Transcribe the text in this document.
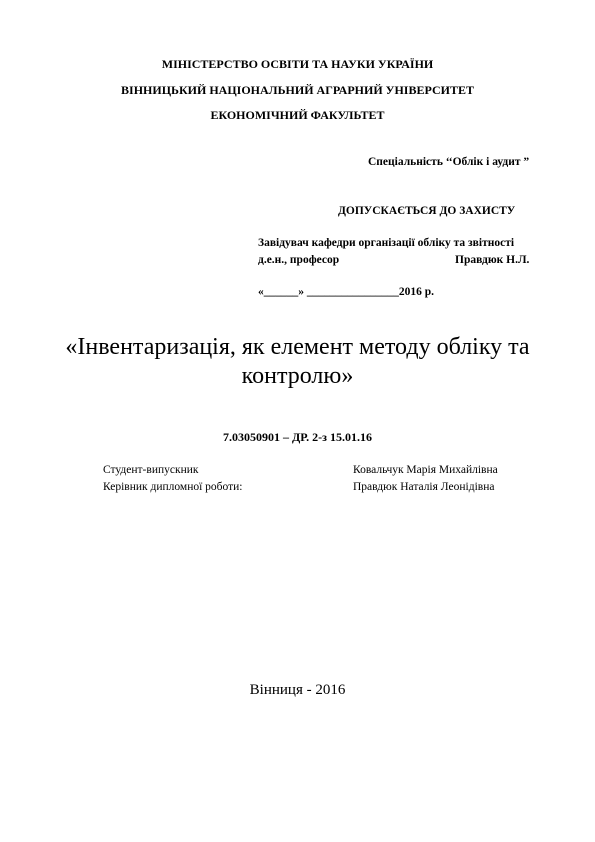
МІНІСТЕРСТВО ОСВІТИ ТА НАУКИ УКРАЇНИ
ВІННИЦЬКИЙ НАЦІОНАЛЬНИЙ АГРАРНИЙ УНІВЕРСИТЕТ
ЕКОНОМІЧНИЙ ФАКУЛЬТЕТ
Спеціальність ‘‘Облік і аудит ”
ДОПУСКАЄТЬСЯ ДО ЗАХИСТУ
Завідувач кафедри організації обліку та звітності
д.е.н., професор	Правдюк Н.Л.
«______» ________________2016 р.
«Інвентаризація, як елемент методу обліку та
контролю»
7.03050901 – ДР. 2-з 15.01.16
Студент-випускник	Ковальчук Марія Михайлівна
Керівник дипломної роботи:	Правдюк Наталія Леонідівна
Вінниця - 2016
